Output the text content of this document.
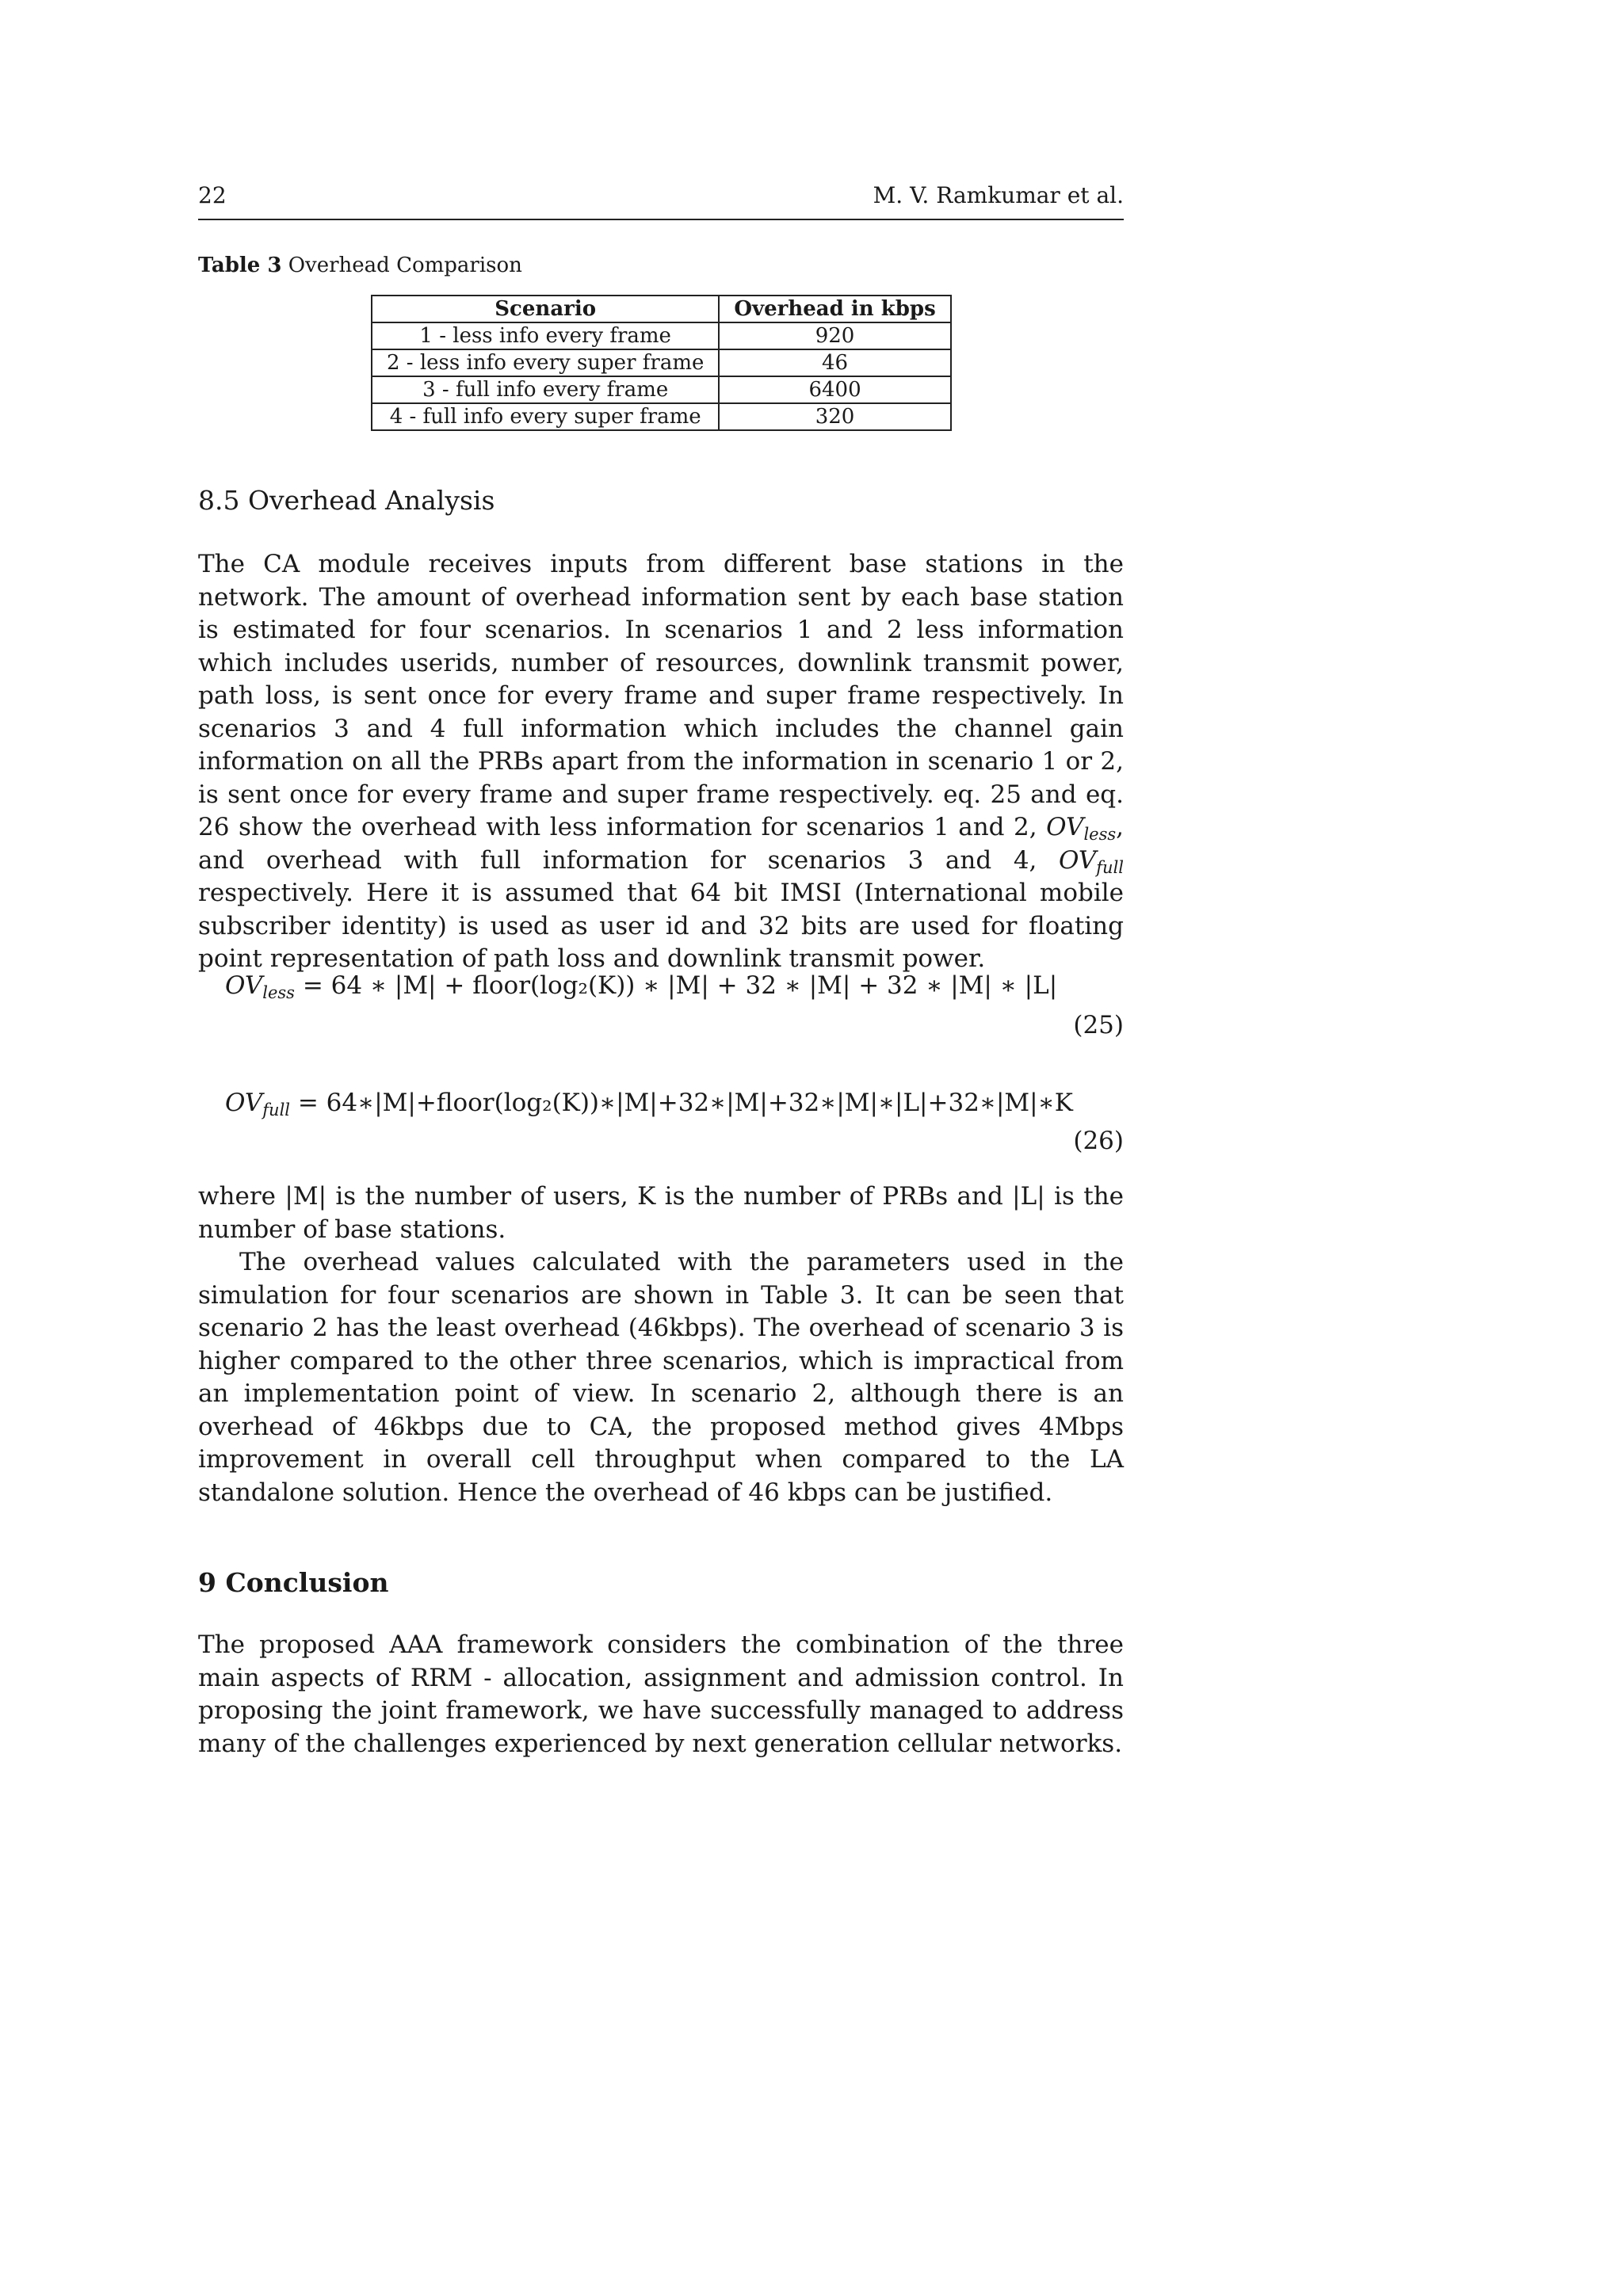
22	M. V. Ramkumar et al.
Table 3 Overhead Comparison
Scenario	Overhead in kbps
1 - less info every frame	920
2 - less info every super frame	46
3 - full info every frame	6400
4 - full info every super frame	320
8.5 Overhead Analysis
The CA module receives inputs from different base stations in the network. The amount of overhead information sent by each base station is estimated for four scenarios. In scenarios 1 and 2 less information which includes userids, number of resources, downlink transmit power, path loss, is sent once for every frame and super frame respectively. In scenarios 3 and 4 full information which includes the channel gain information on all the PRBs apart from the information in scenario 1 or 2, is sent once for every frame and super frame respectively. eq. 25 and eq. 26 show the overhead with less information for scenarios 1 and 2, $OV_{less}$, and overhead with full information for scenarios 3 and 4, $OV_{full}$ respectively. Here it is assumed that 64 bit IMSI (International mobile subscriber identity) is used as user id and 32 bits are used for floating point representation of path loss and downlink transmit power.
$OV_{less} = 64$ ∗ |M| + floor(log₂(K)) ∗ |M| + 32 ∗ |M| + 32 ∗ |M| ∗ |L|
(25)
$OV_{full}$ = 64∗|M|+floor(log₂(K))∗|M|+32∗|M|+32∗|M|∗|L|+32∗|M|∗K
(26)
where |M| is the number of users, K is the number of PRBs and |L| is the number of base stations.
The overhead values calculated with the parameters used in the simulation for four scenarios are shown in Table 3. It can be seen that scenario 2 has the least overhead (46kbps). The overhead of scenario 3 is higher compared to the other three scenarios, which is impractical from an implementation point of view. In scenario 2, although there is an overhead of 46kbps due to CA, the proposed method gives 4Mbps improvement in overall cell throughput when compared to the LA standalone solution. Hence the overhead of 46 kbps can be justified.
9 Conclusion
The proposed AAA framework considers the combination of the three main aspects of RRM - allocation, assignment and admission control. In proposing the joint framework, we have successfully managed to address many of the challenges experienced by next generation cellular networks.
